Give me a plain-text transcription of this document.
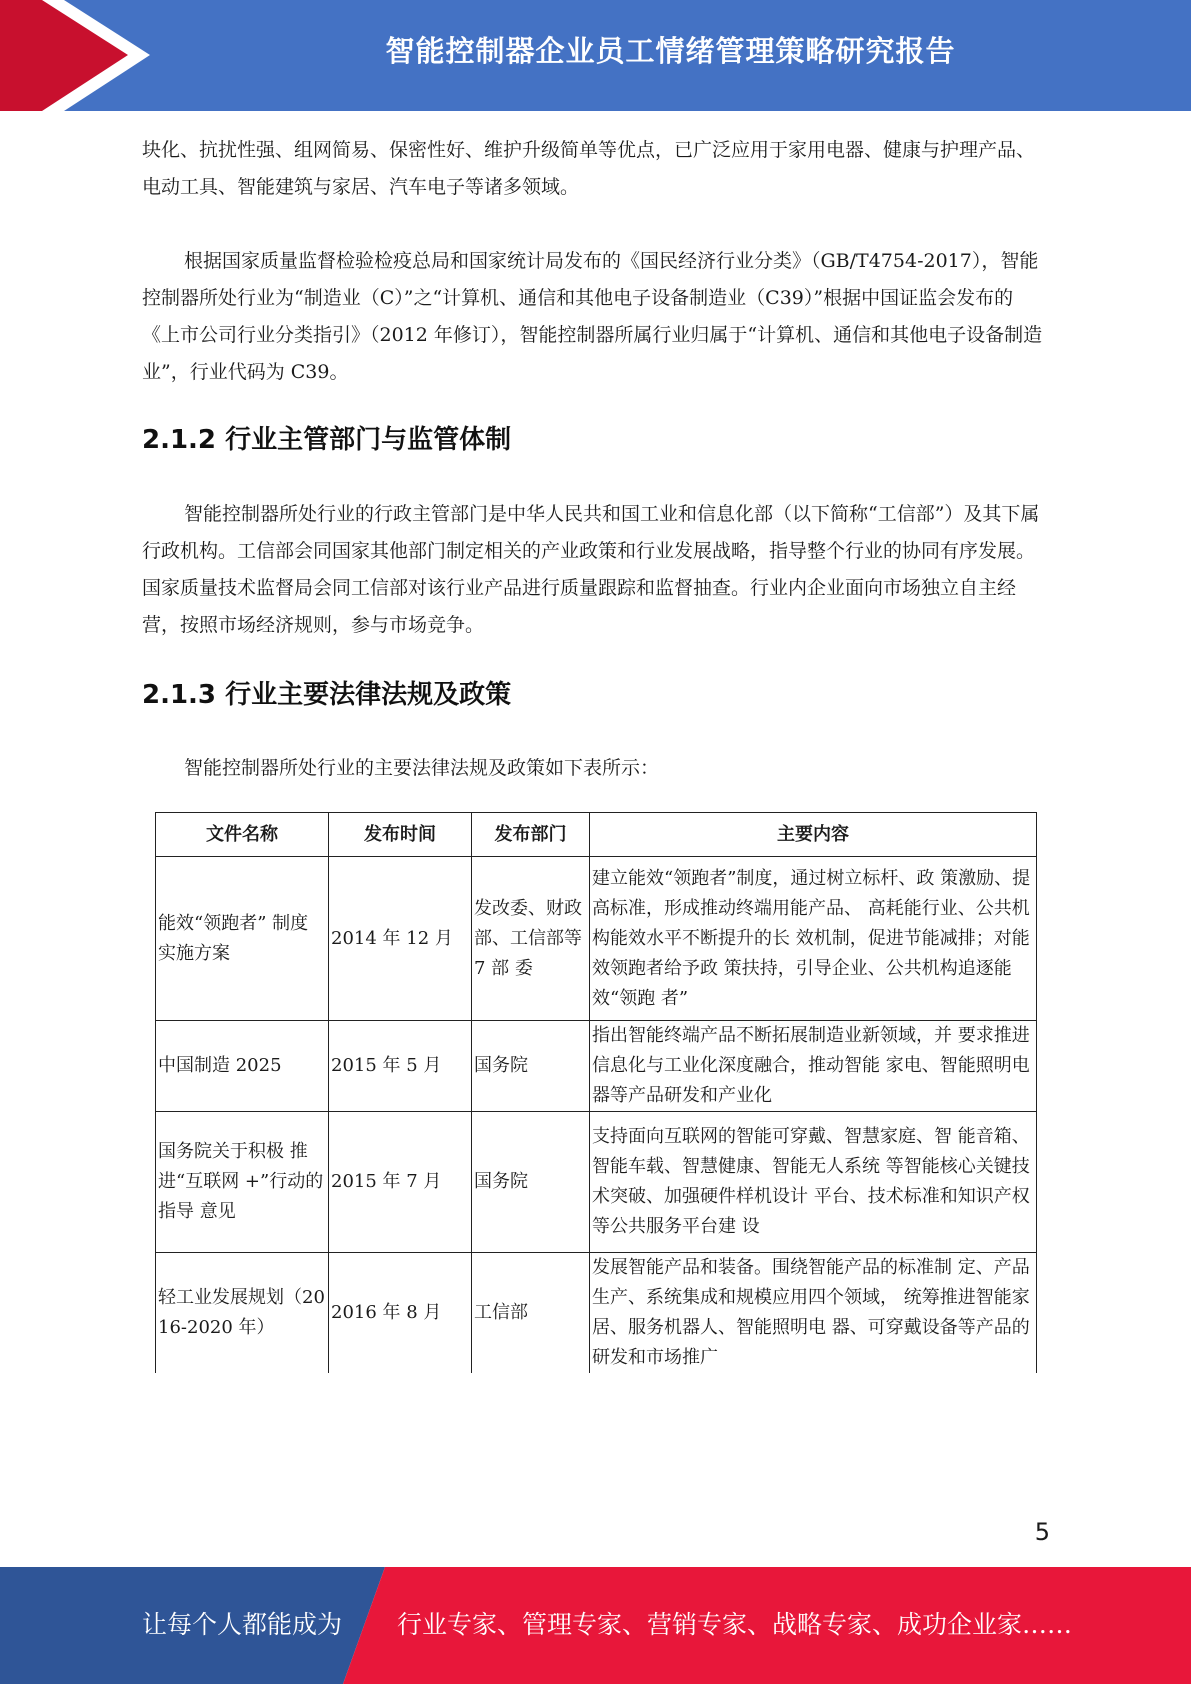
智能控制器企业员工情绪管理策略研究报告

块化、抗扰性强、组网简易、保密性好、维护升级简单等优点，已广泛应用于家用电器、健康与护理产品、电动工具、智能建筑与家居、汽车电子等诸多领域。

根据国家质量监督检验检疫总局和国家统计局发布的《国民经济行业分类》（GB/T4754-2017），智能控制器所处行业为“制造业（C）”之“计算机、通信和其他电子设备制造业（C39）”根据中国证监会发布的《上市公司行业分类指引》（2012 年修订），智能控制器所属行业归属于“计算机、通信和其他电子设备制造业”，行业代码为 C39。

2.1.2 行业主管部门与监管体制

智能控制器所处行业的行政主管部门是中华人民共和国工业和信息化部（以下简称“工信部”）及其下属行政机构。工信部会同国家其他部门制定相关的产业政策和行业发展战略，指导整个行业的协同有序发展。国家质量技术监督局会同工信部对该行业产品进行质量跟踪和监督抽查。行业内企业面向市场独立自主经营，按照市场经济规则，参与市场竞争。

2.1.3 行业主要法律法规及政策

智能控制器所处行业的主要法律法规及政策如下表所示：

文件名称	发布时间	发布部门	主要内容
能效“领跑者” 制度实施方案	2014 年 12 月	发改委、财政部、工信部等 7 部 委	建立能效“领跑者”制度，通过树立标杆、政 策激励、提高标准，形成推动终端用能产品、 高耗能行业、公共机构能效水平不断提升的长 效机制，促进节能减排；对能效领跑者给予政 策扶持，引导企业、公共机构追逐能效“领跑 者”
中国制造 2025	2015 年 5 月	国务院	指出智能终端产品不断拓展制造业新领域，并 要求推进信息化与工业化深度融合，推动智能 家电、智能照明电器等产品研发和产业化
国务院关于积极 推进“互联网 +”行动的指导 意见	2015 年 7 月	国务院	支持面向互联网的智能可穿戴、智慧家庭、智 能音箱、智能车载、智慧健康、智能无人系统 等智能核心关键技术突破、加强硬件样机设计 平台、技术标准和知识产权等公共服务平台建 设
轻工业发展规划（2016-2020 年）	2016 年 8 月	工信部	发展智能产品和装备。围绕智能产品的标准制 定、产品生产、系统集成和规模应用四个领域， 统筹推进智能家居、服务机器人、智能照明电 器、可穿戴设备等产品的研发和市场推广
5
让每个人都能成为 行业专家、管理专家、营销专家、战略专家、成功企业家……
